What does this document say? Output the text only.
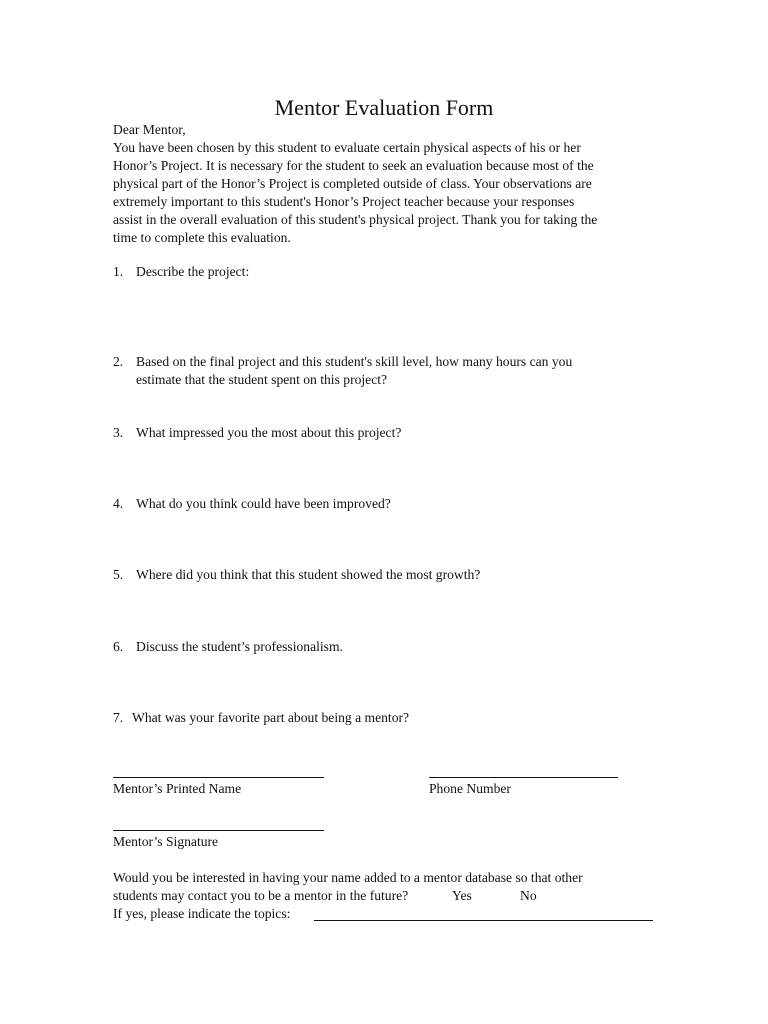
Mentor Evaluation Form

Dear Mentor,

You have been chosen by this student to evaluate certain physical aspects of his or her

Honor’s Project. It is necessary for the student to seek an evaluation because most of the

physical part of the Honor’s Project is completed outside of class. Your observations are

extremely important to this student's Honor’s Project teacher because your responses

assist in the overall evaluation of this student's physical project. Thank you for taking the

time to complete this evaluation.

1. Describe the project:
2. Based on the final project and this student's skill level, how many hours can you
estimate that the student spent on this project?
3. What impressed you the most about this project?
4. What do you think could have been improved?
5. Where did you think that this student showed the most growth?
6. Discuss the student’s professionalism.
7. What was your favorite part about being a mentor?
Mentor’s Printed Name	Phone Number
Mentor’s Signature
Would you be interested in having your name added to a mentor database so that other
students may contact you to be a mentor in the future?	Yes	No
If yes, please indicate the topics:
